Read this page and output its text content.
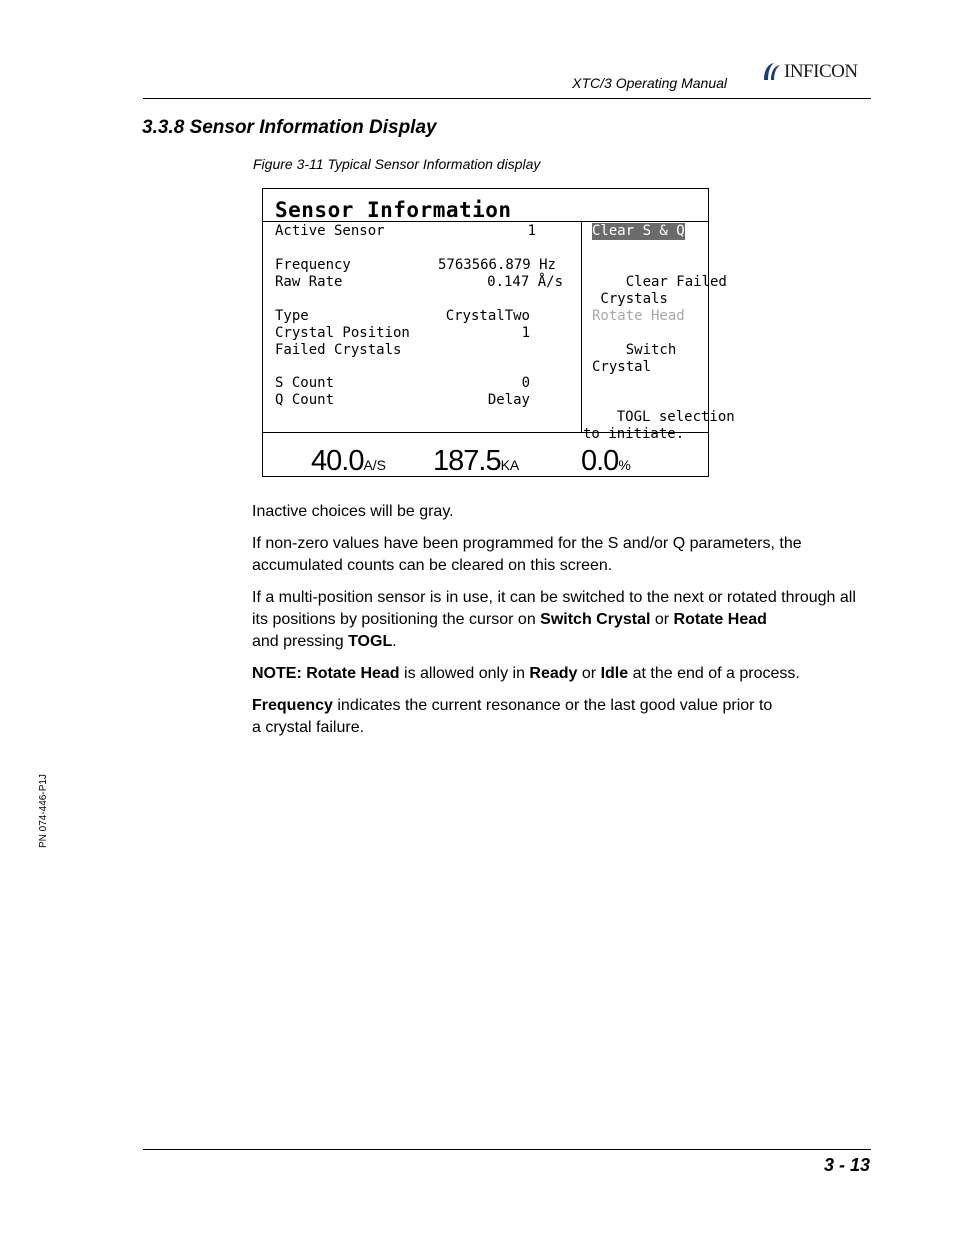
XTC/3 Operating Manual
INFICON
3.3.8 Sensor Information Display
Figure 3-11 Typical Sensor Information display
Sensor Information
Active Sensor	1
Frequency	5763566.879 Hz
Raw Rate	0.147 Å/s
Type	CrystalTwo
Crystal Position	1
Failed Crystals
S Count	0
Q Count	Delay
Clear S & Q

Clear Failed
Crystals

Rotate Head

Switch
Crystal

TOGL selection
to initiate.

40.0A/S 187.5KA 0.0%
Inactive choices will be gray.
If non-zero values have been programmed for the S and/or Q parameters, the accumulated counts can be cleared on this screen.
If a multi-position sensor is in use, it can be switched to the next or rotated through all its positions by positioning the cursor on Switch Crystal or Rotate Head
and pressing TOGL.
NOTE: Rotate Head is allowed only in Ready or Idle at the end of a process.
Frequency indicates the current resonance or the last good value prior to
a crystal failure.
PN 074-446-P1J
3 - 13
